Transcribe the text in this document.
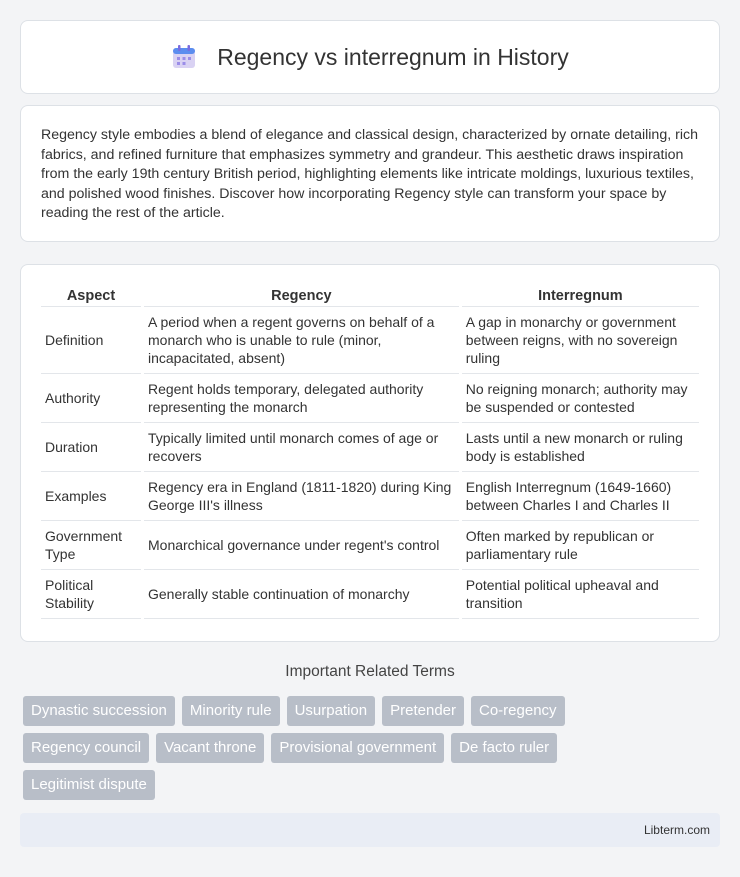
Regency vs interregnum in History

Regency style embodies a blend of elegance and classical design, characterized by ornate detailing, rich fabrics, and refined furniture that emphasizes symmetry and grandeur. This aesthetic draws inspiration from the early 19th century British period, highlighting elements like intricate moldings, luxurious textiles, and polished wood finishes. Discover how incorporating Regency style can transform your space by reading the rest of the article.

Aspect	Regency	Interregnum
Definition	A period when a regent governs on behalf of a monarch who is unable to rule (minor, incapacitated, absent)	A gap in monarchy or government between reigns, with no sovereign ruling
Authority	Regent holds temporary, delegated authority representing the monarch	No reigning monarch; authority may be suspended or contested
Duration	Typically limited until monarch comes of age or recovers	Lasts until a new monarch or ruling body is established
Examples	Regency era in England (1811-1820) during King George III's illness	English Interregnum (1649-1660) between Charles I and Charles II
Government Type	Monarchical governance under regent's control	Often marked by republican or parliamentary rule
Political Stability	Generally stable continuation of monarchy	Potential political upheaval and transition
Important Related Terms
Dynastic succession	Minority rule	Usurpation	Pretender	Co-regency
Regency council	Vacant throne	Provisional government	De facto ruler
Legitimist dispute
Libterm.com
